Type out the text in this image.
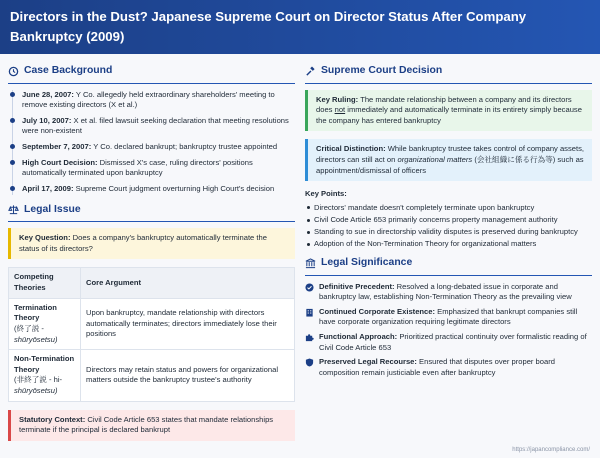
Directors in the Dust? Japanese Supreme Court on Director Status After Company Bankruptcy (2009)
Case Background
June 28, 2007: Y Co. allegedly held extraordinary shareholders' meeting to remove existing directors (X et al.)
July 10, 2007: X et al. filed lawsuit seeking declaration that meeting resolutions were non-existent
September 7, 2007: Y Co. declared bankrupt; bankruptcy trustee appointed
High Court Decision: Dismissed X's case, ruling directors' positions automatically terminated upon bankruptcy
April 17, 2009: Supreme Court judgment overturning High Court's decision
Legal Issue
Key Question: Does a company's bankruptcy automatically terminate the status of its directors?
Competing Theories	Core Argument
Termination Theory
(終了説 -
shūryōsetsu)	Upon bankruptcy, mandate relationship with directors automatically terminates; directors immediately lose their positions
Non-Termination Theory
(非終了説 - hi-
shūryōsetsu)	Directors may retain status and powers for organizational matters outside the bankruptcy trustee's authority
Statutory Context: Civil Code Article 653 states that mandate relationships terminate if the principal is declared bankrupt
Supreme Court Decision
Key Ruling: The mandate relationship between a company and its directors does not immediately and automatically terminate in its entirety simply because the company has entered bankruptcy
Critical Distinction: While bankruptcy trustee takes control of company assets, directors can still act on organizational matters (会社組織に係る行為等) such as appointment/dismissal of officers
Key Points:
Directors' mandate doesn't completely terminate upon bankruptcy
Civil Code Article 653 primarily concerns property management authority
Standing to sue in directorship validity disputes is preserved during bankruptcy
Adoption of the Non-Termination Theory for organizational matters
Legal Significance
Definitive Precedent: Resolved a long-debated issue in corporate and bankruptcy law, establishing Non-Termination Theory as the prevailing view
Continued Corporate Existence: Emphasized that bankrupt companies still have corporate organization requiring legitimate directors
Functional Approach: Prioritized practical continuity over formalistic reading of Civil Code Article 653
Preserved Legal Recourse: Ensured that disputes over proper board composition remain justiciable even after bankruptcy
https://japancompliance.com/
